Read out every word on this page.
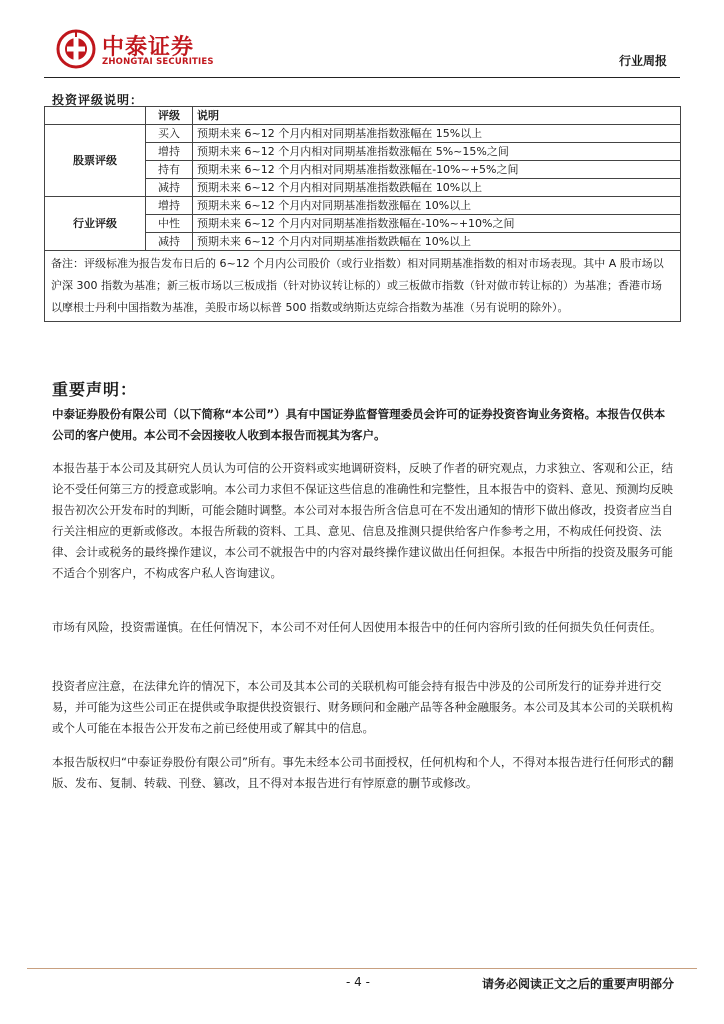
中泰证券
ZHONGTAI SECURITIES	行业周报
投资评级说明：
	评级	说明
股票评级	买入	预期未来 6~12 个月内相对同期基准指数涨幅在 15%以上
	增持	预期未来 6~12 个月内相对同期基准指数涨幅在 5%~15%之间
	持有	预期未来 6~12 个月内相对同期基准指数涨幅在-10%~+5%之间
	减持	预期未来 6~12 个月内相对同期基准指数跌幅在 10%以上
行业评级	增持	预期未来 6~12 个月内对同期基准指数涨幅在 10%以上
	中性	预期未来 6~12 个月内对同期基准指数涨幅在-10%~+10%之间
	减持	预期未来 6~12 个月内对同期基准指数跌幅在 10%以上
备注：评级标准为报告发布日后的 6~12 个月内公司股价（或行业指数）相对同期基准指数的相对市场表现。其中 A 股市场以沪深 300 指数为基准；新三板市场以三板成指（针对协议转让标的）或三板做市指数（针对做市转让标的）为基准；香港市场以摩根士丹利中国指数为基准，美股市场以标普 500 指数或纳斯达克综合指数为基准（另有说明的除外）。		
重要声明：

中泰证券股份有限公司（以下简称“本公司”）具有中国证券监督管理委员会许可的证券投资咨询业务资格。本报告仅供本公司的客户使用。本公司不会因接收人收到本报告而视其为客户。

本报告基于本公司及其研究人员认为可信的公开资料或实地调研资料，反映了作者的研究观点，力求独立、客观和公正，结论不受任何第三方的授意或影响。本公司力求但不保证这些信息的准确性和完整性，且本报告中的资料、意见、预测均反映报告初次公开发布时的判断，可能会随时调整。本公司对本报告所含信息可在不发出通知的情形下做出修改，投资者应当自行关注相应的更新或修改。本报告所载的资料、工具、意见、信息及推测只提供给客户作参考之用，不构成任何投资、法律、会计或税务的最终操作建议，本公司不就报告中的内容对最终操作建议做出任何担保。本报告中所指的投资及服务可能不适合个别客户，不构成客户私人咨询建议。

市场有风险，投资需谨慎。在任何情况下，本公司不对任何人因使用本报告中的任何内容所引致的任何损失负任何责任。

投资者应注意，在法律允许的情况下，本公司及其本公司的关联机构可能会持有报告中涉及的公司所发行的证券并进行交易，并可能为这些公司正在提供或争取提供投资银行、财务顾问和金融产品等各种金融服务。本公司及其本公司的关联机构或个人可能在本报告公开发布之前已经使用或了解其中的信息。

本报告版权归“中泰证券股份有限公司”所有。事先未经本公司书面授权，任何机构和个人，不得对本报告进行任何形式的翻版、发布、复制、转载、刊登、篡改，且不得对本报告进行有悖原意的删节或修改。

- 4 -	请务必阅读正文之后的重要声明部分
